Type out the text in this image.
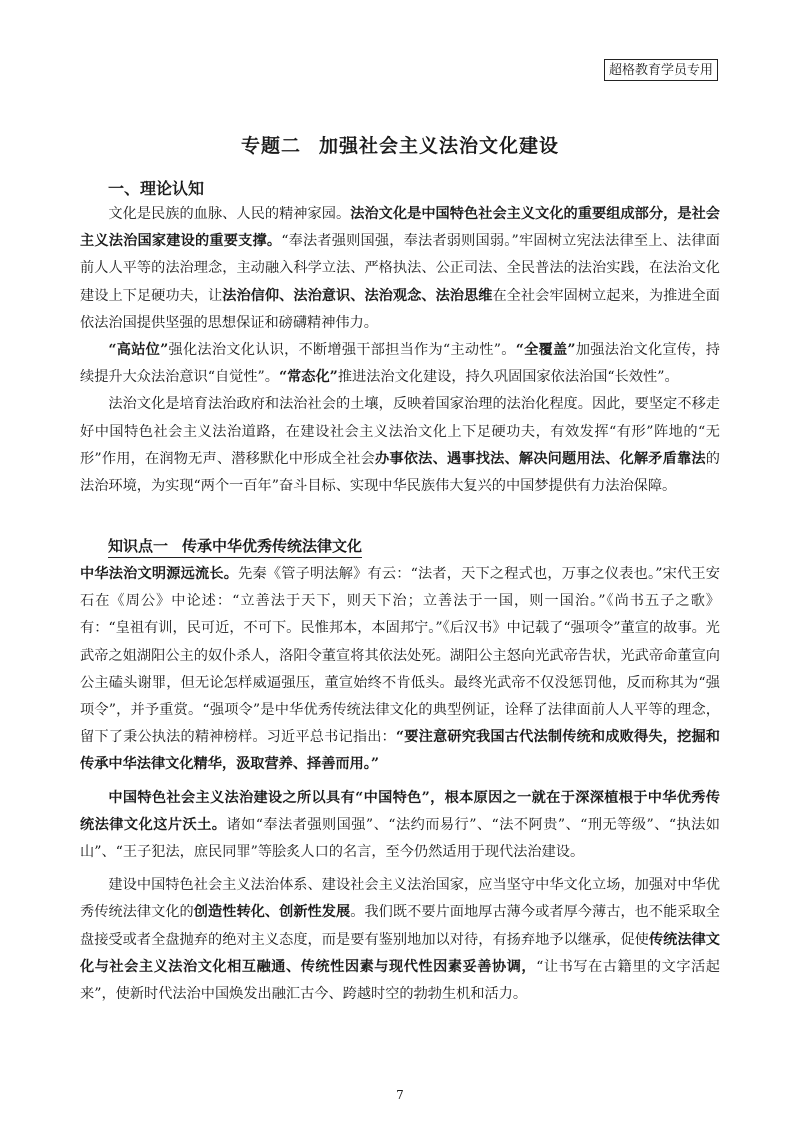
超格教育学员专用
专题二 加强社会主义法治文化建设
一、理论认知

文化是民族的血脉、人民的精神家园。法治文化是中国特色社会主义文化的重要组成部分，是社会主义法治国家建设的重要支撑。“奉法者强则国强，奉法者弱则国弱。”牢固树立宪法法律至上、法律面前人人平等的法治理念，主动融入科学立法、严格执法、公正司法、全民普法的法治实践，在法治文化建设上下足硬功夫，让法治信仰、法治意识、法治观念、法治思维在全社会牢固树立起来，为推进全面依法治国提供坚强的思想保证和磅礴精神伟力。

“高站位”强化法治文化认识，不断增强干部担当作为“主动性”。“全覆盖”加强法治文化宣传，持续提升大众法治意识“自觉性”。“常态化”推进法治文化建设，持久巩固国家依法治国“长效性”。

法治文化是培育法治政府和法治社会的土壤，反映着国家治理的法治化程度。因此，要坚定不移走好中国特色社会主义法治道路，在建设社会主义法治文化上下足硬功夫，有效发挥“有形”阵地的“无形”作用，在润物无声、潜移默化中形成全社会办事依法、遇事找法、解决问题用法、化解矛盾靠法的法治环境，为实现“两个一百年”奋斗目标、实现中华民族伟大复兴的中国梦提供有力法治保障。

知识点一 传承中华优秀传统法律文化

中华法治文明源远流长。先秦《管子明法解》有云：“法者，天下之程式也，万事之仪表也。”宋代王安石在《周公》中论述：“立善法于天下，则天下治；立善法于一国，则一国治。”《尚书五子之歌》有：“皇祖有训，民可近，不可下。民惟邦本，本固邦宁。”《后汉书》中记载了“强项令”董宣的故事。光武帝之姐湖阳公主的奴仆杀人，洛阳令董宣将其依法处死。湖阳公主怒向光武帝告状，光武帝命董宣向公主磕头谢罪，但无论怎样威逼强压，董宣始终不肯低头。最终光武帝不仅没惩罚他，反而称其为“强项令”，并予重赏。“强项令”是中华优秀传统法律文化的典型例证，诠释了法律面前人人平等的理念，留下了秉公执法的精神榜样。习近平总书记指出：“要注意研究我国古代法制传统和成败得失，挖掘和传承中华法律文化精华，汲取营养、择善而用。”

中国特色社会主义法治建设之所以具有“中国特色”，根本原因之一就在于深深植根于中华优秀传统法律文化这片沃土。诸如“奉法者强则国强”、“法约而易行”、“法不阿贵”、“刑无等级”、“执法如山”、“王子犯法，庶民同罪”等脍炙人口的名言，至今仍然适用于现代法治建设。

建设中国特色社会主义法治体系、建设社会主义法治国家，应当坚守中华文化立场，加强对中华优秀传统法律文化的创造性转化、创新性发展。我们既不要片面地厚古薄今或者厚今薄古，也不能采取全盘接受或者全盘抛弃的绝对主义态度，而是要有鉴别地加以对待，有扬弃地予以继承，促使传统法律文化与社会主义法治文化相互融通、传统性因素与现代性因素妥善协调，“让书写在古籍里的文字活起来”，使新时代法治中国焕发出融汇古今、跨越时空的勃勃生机和活力。

7
